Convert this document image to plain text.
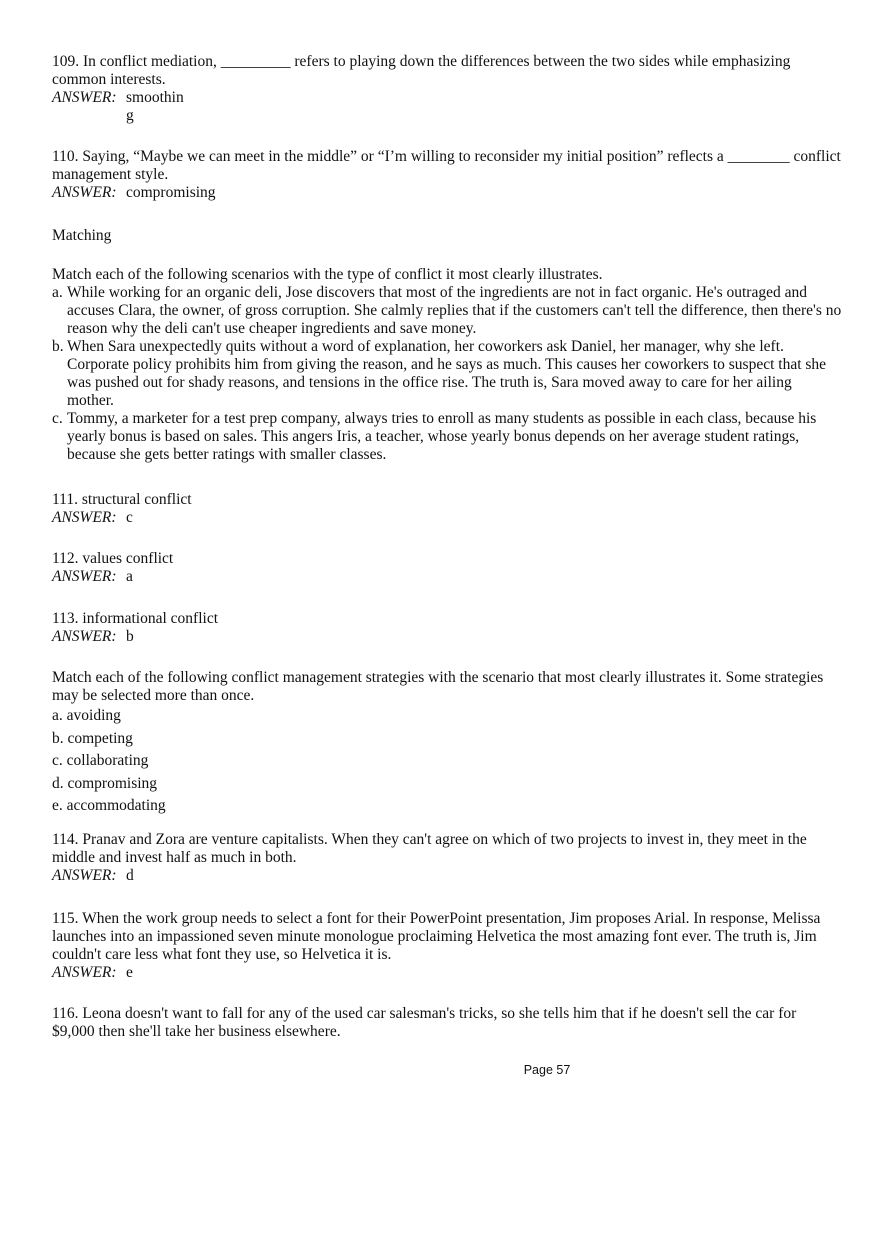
109. In conflict mediation, _________ refers to playing down the differences between the two sides while emphasizing common interests.
ANSWER: smoothing
110. Saying, “Maybe we can meet in the middle” or “I’m willing to reconsider my initial position” reflects a ________ conflict management style.
ANSWER: compromising
Matching
Match each of the following scenarios with the type of conflict it most clearly illustrates.
a. While working for an organic deli, Jose discovers that most of the ingredients are not in fact organic. He's outraged and accuses Clara, the owner, of gross corruption. She calmly replies that if the customers can't tell the difference, then there's no reason why the deli can't use cheaper ingredients and save money.
b. When Sara unexpectedly quits without a word of explanation, her coworkers ask Daniel, her manager, why she left. Corporate policy prohibits him from giving the reason, and he says as much. This causes her coworkers to suspect that she was pushed out for shady reasons, and tensions in the office rise. The truth is, Sara moved away to care for her ailing mother.
c. Tommy, a marketer for a test prep company, always tries to enroll as many students as possible in each class, because his yearly bonus is based on sales. This angers Iris, a teacher, whose yearly bonus depends on her average student ratings, because she gets better ratings with smaller classes.
111. structural conflict
ANSWER: c
112. values conflict
ANSWER: a
113. informational conflict
ANSWER: b
Match each of the following conflict management strategies with the scenario that most clearly illustrates it. Some strategies may be selected more than once.
a. avoiding
b. competing
c. collaborating
d. compromising
e. accommodating
114. Pranav and Zora are venture capitalists. When they can't agree on which of two projects to invest in, they meet in the middle and invest half as much in both.
ANSWER: d
115. When the work group needs to select a font for their PowerPoint presentation, Jim proposes Arial. In response, Melissa launches into an impassioned seven minute monologue proclaiming Helvetica the most amazing font ever. The truth is, Jim couldn't care less what font they use, so Helvetica it is.
ANSWER: e
116. Leona doesn't want to fall for any of the used car salesman's tricks, so she tells him that if he doesn't sell the car for $9,000 then she'll take her business elsewhere.
Page 57
